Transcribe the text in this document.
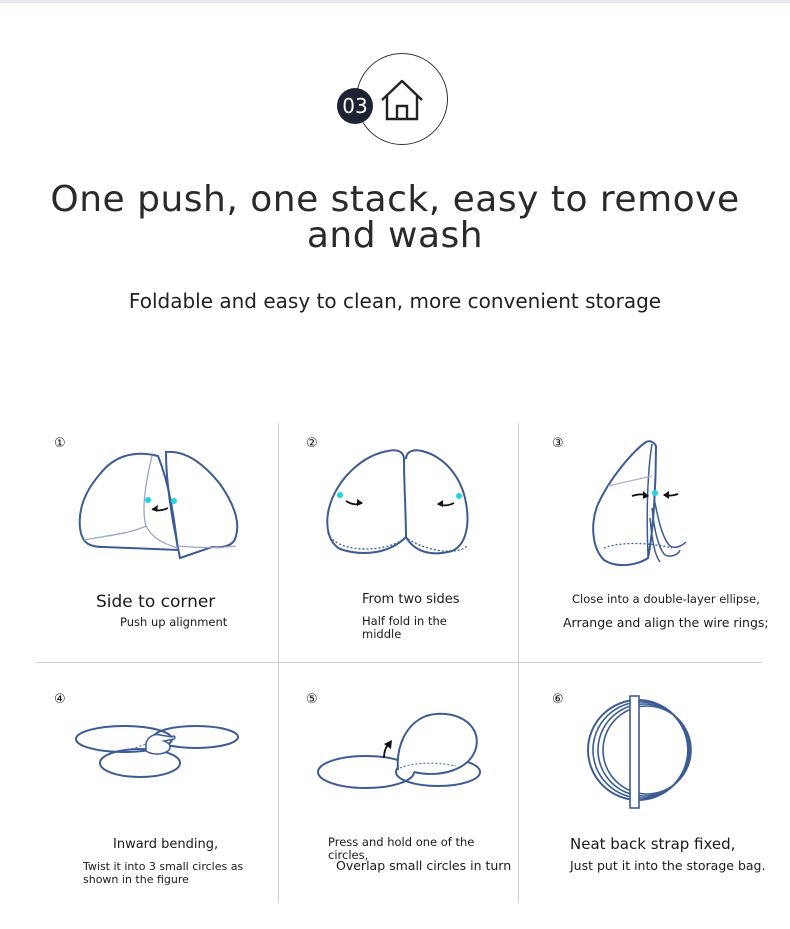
03
One push, one stack, easy to remove and wash
Foldable and easy to clean, more convenient storage
①
Side to corner
Push up alignment
②
From two sides
Half fold in the middle
③
Close into a double-layer ellipse,
Arrange and align the wire rings;
④
Inward bending,
Twist it into 3 small circles as shown in the figure
⑤
Press and hold one of the circles,
Overlap small circles in turn
⑥
Neat back strap fixed,
Just put it into the storage bag.
